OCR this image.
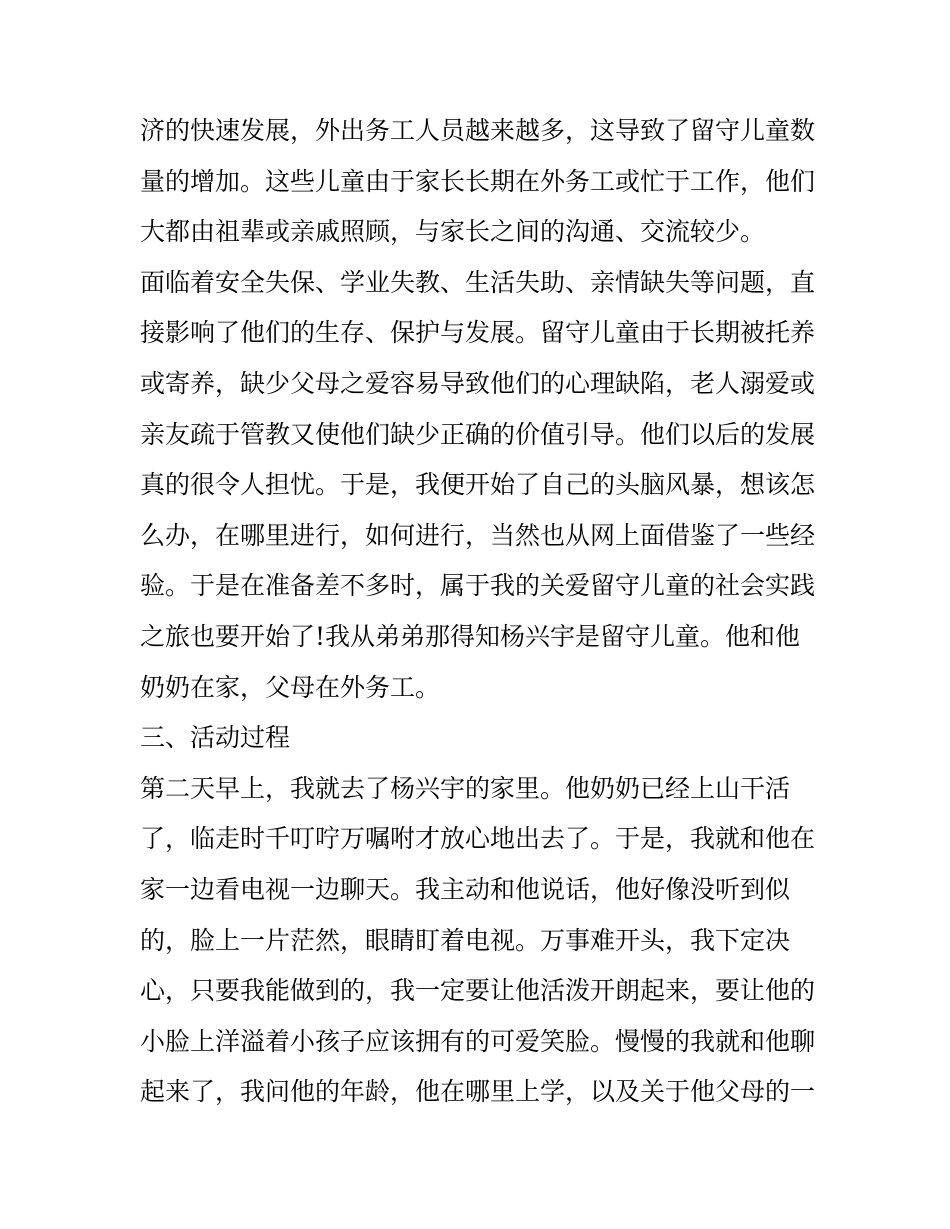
济的快速发展，外出务工人员越来越多，这导致了留守儿童数
量的增加。这些儿童由于家长长期在外务工或忙于工作，他们
大都由祖辈或亲戚照顾，与家长之间的沟通、交流较少。
面临着安全失保、学业失教、生活失助、亲情缺失等问题，直
接影响了他们的生存、保护与发展。留守儿童由于长期被托养
或寄养，缺少父母之爱容易导致他们的心理缺陷，老人溺爱或
亲友疏于管教又使他们缺少正确的价值引导。他们以后的发展
真的很令人担忧。于是，我便开始了自己的头脑风暴，想该怎
么办，在哪里进行，如何进行，当然也从网上面借鉴了一些经
验。于是在准备差不多时，属于我的关爱留守儿童的社会实践
之旅也要开始了!我从弟弟那得知杨兴宇是留守儿童。他和他
奶奶在家，父母在外务工。
三、活动过程
第二天早上，我就去了杨兴宇的家里。他奶奶已经上山干活
了，临走时千叮咛万嘱咐才放心地出去了。于是，我就和他在
家一边看电视一边聊天。我主动和他说话，他好像没听到似
的，脸上一片茫然，眼睛盯着电视。万事难开头，我下定决
心，只要我能做到的，我一定要让他活泼开朗起来，要让他的
小脸上洋溢着小孩子应该拥有的可爱笑脸。慢慢的我就和他聊
起来了，我问他的年龄，他在哪里上学，以及关于他父母的一
